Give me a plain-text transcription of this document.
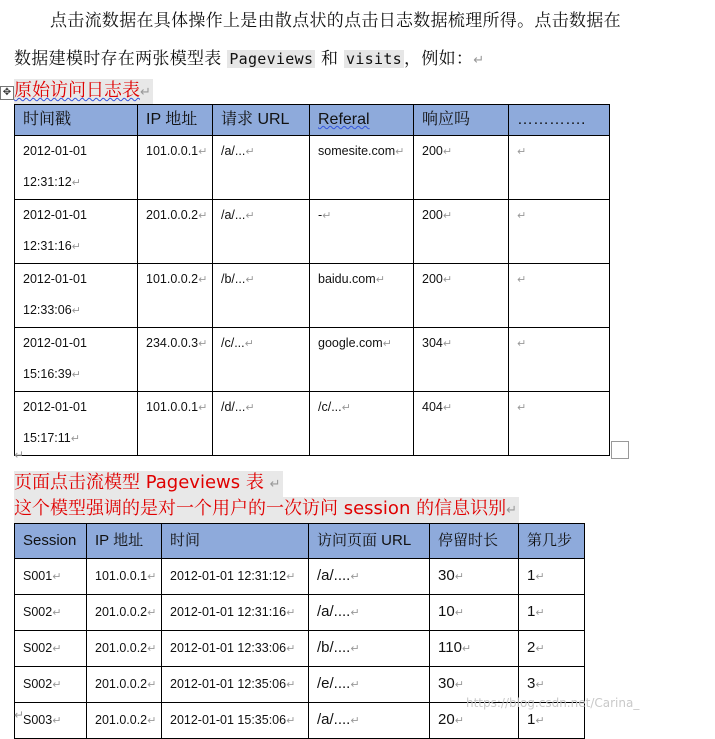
点击流数据在具体操作上是由散点状的点击日志数据梳理所得。点击数据在
数据建模时存在两张模型表 Pageviews 和 visits ，例如：↵
✥ 原始访问日志表↵
时间戳	IP 地址	请求 URL	Referal	响应吗	………….
2012-01-01
12:31:12↵	101.0.0.1↵	/a/...↵	somesite.com↵	200↵	↵
2012-01-01
12:31:16↵	201.0.0.2↵	/a/...↵	-↵	200↵	↵
2012-01-01
12:33:06↵	101.0.0.2↵	/b/...↵	baidu.com↵	200↵	↵
2012-01-01
15:16:39↵	234.0.0.3↵	/c/...↵	google.com↵	304↵	↵
2012-01-01
15:17:11↵	101.0.0.1↵	/d/...↵	/c/...↵	404↵	↵
↵
页面点击流模型 Pageviews 表 ↵
这个模型强调的是对一个用户的一次访问 session 的信息识别↵
Session	IP 地址	时间	访问页面 URL	停留时长	第几步
S001↵	101.0.0.1↵	2012-01-01 12:31:12↵	/a/....↵	30↵	1↵
S002↵	201.0.0.2↵	2012-01-01 12:31:16↵	/a/....↵	10↵	1↵
S002↵	201.0.0.2↵	2012-01-01 12:33:06↵	/b/....↵	110↵	2↵
S002↵	201.0.0.2↵	2012-01-01 12:35:06↵	/e/....↵	30↵	3↵
S003↵	201.0.0.2↵	2012-01-01 15:35:06↵	/a/....↵	20↵	1↵
↵
https://blog.csdn.net/Carina_
